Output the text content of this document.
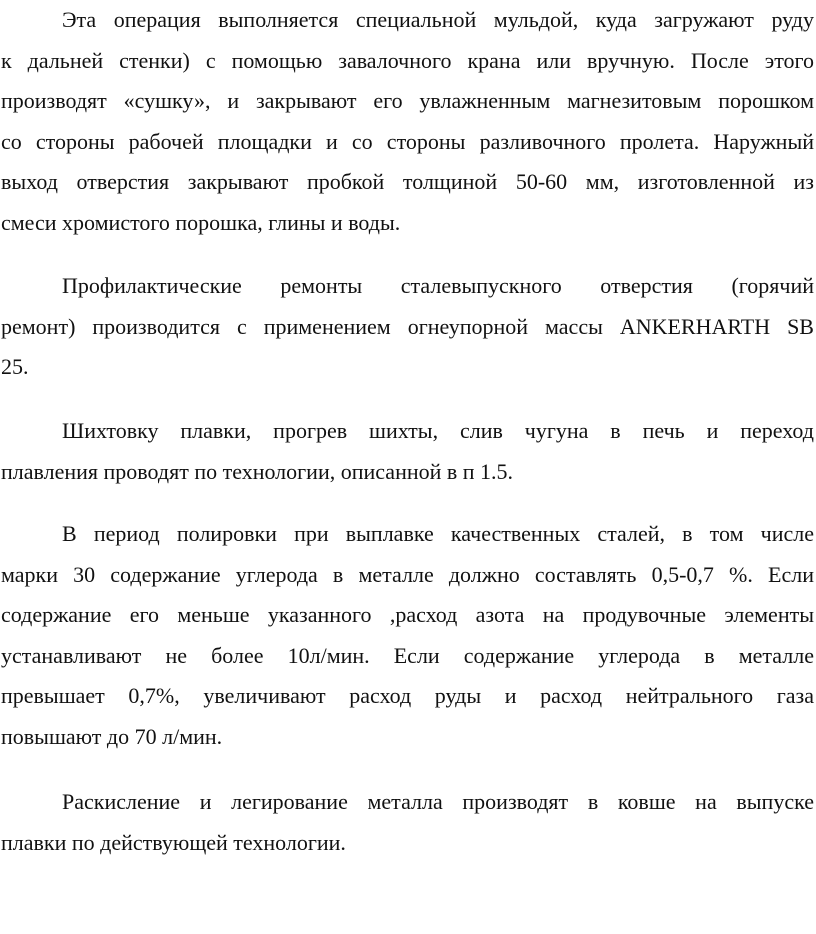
Эта операция выполняется специальной мульдой, куда загружают руду
к дальней стенки) с помощью завалочного крана или вручную. После этого
производят «сушку», и закрывают его увлажненным магнезитовым порошком
со стороны рабочей площадки и со стороны разливочного пролета. Наружный
выход отверстия закрывают пробкой толщиной 50-60 мм, изготовленной из
смеси хромистого порошка, глины и воды.

Профилактические ремонты сталевыпускного отверстия (горячий
ремонт) производится с применением огнеупорной массы ANKERHARTH SB
25.

Шихтовку плавки, прогрев шихты, слив чугуна в печь и переход
плавления проводят по технологии, описанной в п 1.5.

В период полировки при выплавке качественных сталей, в том числе
марки 30 содержание углерода в металле должно составлять 0,5-0,7 %. Если
содержание его меньше указанного ,расход азота на продувочные элементы
устанавливают не более 10л/мин. Если содержание углерода в металле
превышает 0,7%, увеличивают расход руды и расход нейтрального газа
повышают до 70 л/мин.

Раскисление и легирование металла производят в ковше на выпуске
плавки по действующей технологии.
